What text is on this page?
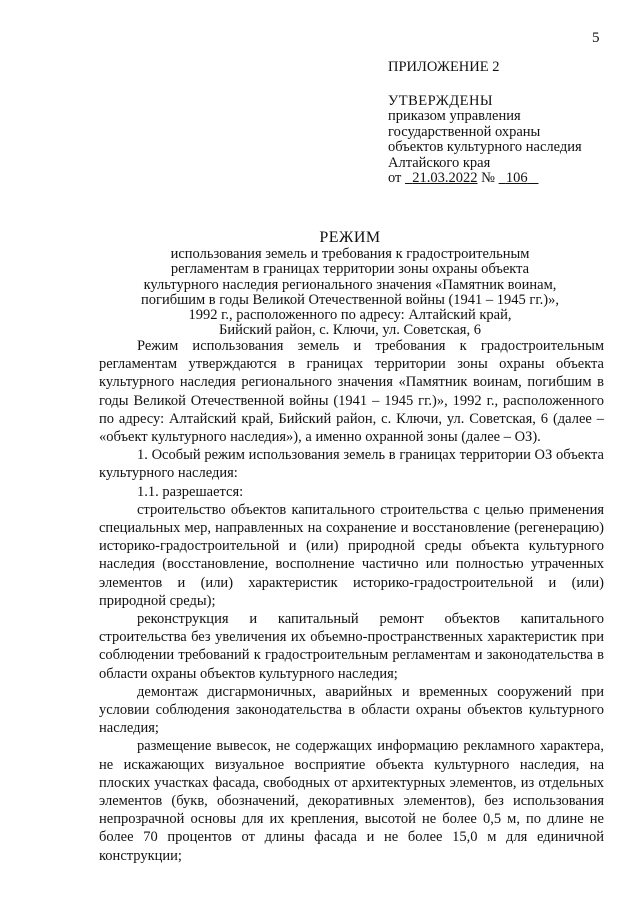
5
ПРИЛОЖЕНИЕ 2
УТВЕРЖДЕНЫ
приказом управления
государственной охраны
объектов культурного наследия
Алтайского края
от 21.03.2022 № 106
РЕЖИМ
использования земель и требования к градостроительным
регламентам в границах территории зоны охраны объекта
культурного наследия регионального значения «Памятник воинам,
погибшим в годы Великой Отечественной войны (1941 – 1945 гг.)»,
1992 г., расположенного по адресу: Алтайский край,
Бийский район, с. Ключи, ул. Советская, 6

Режим использования земель и требования к градостроительным регламентам утверждаются в границах территории зоны охраны объекта культурного наследия регионального значения «Памятник воинам, погибшим в годы Великой Отечественной войны (1941 – 1945 гг.)», 1992 г., расположенного по адресу: Алтайский край, Бийский район, с. Ключи, ул. Советская, 6 (далее – «объект культурного наследия»), а именно охранной зоны (далее – ОЗ).

1. Особый режим использования земель в границах территории ОЗ объекта культурного наследия:

1.1. разрешается:

строительство объектов капитального строительства с целью применения специальных мер, направленных на сохранение и восстановление (регенерацию) историко-градостроительной и (или) природной среды объекта культурного наследия (восстановление, восполнение частично или полностью утраченных элементов и (или) характеристик историко-градостроительной и (или) природной среды);

реконструкция и капитальный ремонт объектов капитального строительства без увеличения их объемно-пространственных характеристик при соблюдении требований к градостроительным регламентам и законодательства в области охраны объектов культурного наследия;

демонтаж дисгармоничных, аварийных и временных сооружений при условии соблюдения законодательства в области охраны объектов культурного наследия;

размещение вывесок, не содержащих информацию рекламного характера, не искажающих визуальное восприятие объекта культурного наследия, на плоских участках фасада, свободных от архитектурных элементов, из отдельных элементов (букв, обозначений, декоративных элементов), без использования непрозрачной основы для их крепления, высотой не более 0,5 м, по длине не более 70 процентов от длины фасада и не более 15,0 м для единичной конструкции;
